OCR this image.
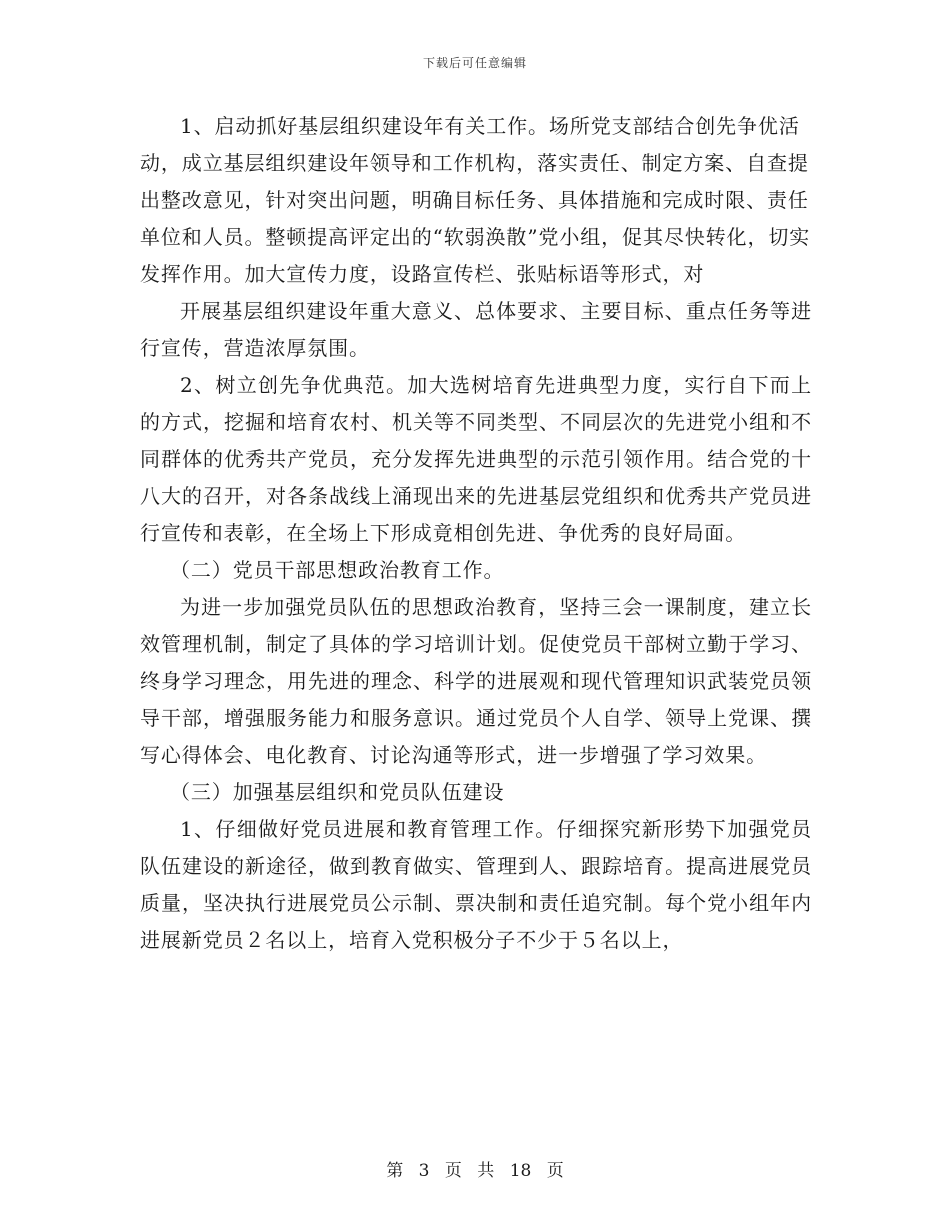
下载后可任意编辑

1、启动抓好基层组织建设年有关工作。场所党支部结合创先争优活动，成立基层组织建设年领导和工作机构，落实责任、制定方案、自查提出整改意见，针对突出问题，明确目标任务、具体措施和完成时限、责任单位和人员。整顿提高评定出的“软弱涣散”党小组，促其尽快转化，切实发挥作用。加大宣传力度，设路宣传栏、张贴标语等形式，对

开展基层组织建设年重大意义、总体要求、主要目标、重点任务等进行宣传，营造浓厚氛围。

2、树立创先争优典范。加大选树培育先进典型力度，实行自下而上的方式，挖掘和培育农村、机关等不同类型、不同层次的先进党小组和不同群体的优秀共产党员，充分发挥先进典型的示范引领作用。结合党的十八大的召开，对各条战线上涌现出来的先进基层党组织和优秀共产党员进行宣传和表彰，在全场上下形成竟相创先进、争优秀的良好局面。

（二）党员干部思想政治教育工作。

为进一步加强党员队伍的思想政治教育，坚持三会一课制度，建立长效管理机制，制定了具体的学习培训计划。促使党员干部树立勤于学习、终身学习理念，用先进的理念、科学的进展观和现代管理知识武装党员领导干部，增强服务能力和服务意识。通过党员个人自学、领导上党课、撰写心得体会、电化教育、讨论沟通等形式，进一步增强了学习效果。

（三）加强基层组织和党员队伍建设

1、仔细做好党员进展和教育管理工作。仔细探究新形势下加强党员队伍建设的新途径，做到教育做实、管理到人、跟踪培育。提高进展党员质量，坚决执行进展党员公示制、票决制和责任追究制。每个党小组年内进展新党员２名以上，培育入党积极分子不少于５名以上，

第 3 页 共 18 页
